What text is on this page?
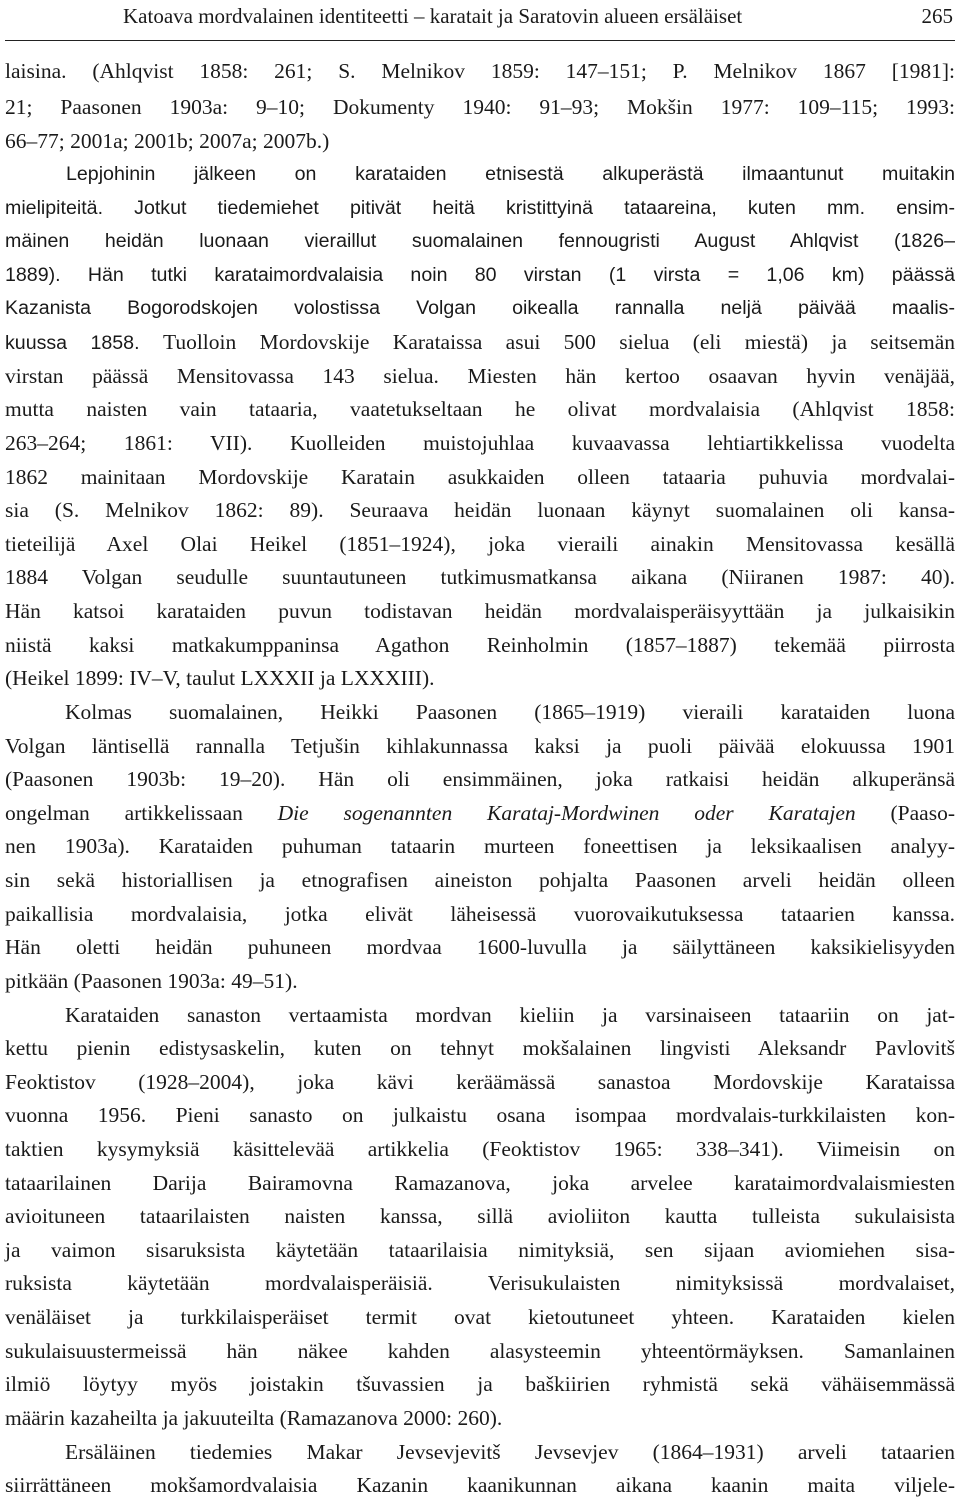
Katoava mordvalainen identiteetti – karatait ja Saratovin alueen ersäläiset	265
laisina. (Ahlqvist 1858: 261; S. Melnikov 1859: 147–151; P. Melnikov 1867 [1981]:
21; Paasonen 1903a: 9–10; Dokumenty 1940: 91–93; Mokšin 1977: 109–115; 1993:
66–77; 2001a; 2001b; 2007a; 2007b.)
Lepjohinin jälkeen on karataiden etnisestä alkuperästä ilmaantunut muitakin
mielipiteitä. Jotkut tiedemiehet pitivät heitä kristittyinä tataareina, kuten mm. ensim-
mäinen heidän luonaan vieraillut suomalainen fennougristi August Ahlqvist (1826–
1889). Hän tutki karataimordvalaisia noin 80 virstan (1 virsta = 1,06 km) päässä
Kazanista Bogorodskojen volostissa Volgan oikealla rannalla neljä päivää maalis-
kuussa 1858. Tuolloin Mordovskije Karataissa asui 500 sielua (eli miestä) ja seitsemän
virstan päässä Mensitovassa 143 sielua. Miesten hän kertoo osaavan hyvin venäjää,
mutta naisten vain tataaria, vaatetukseltaan he olivat mordvalaisia (Ahlqvist 1858:
263–264; 1861: VII). Kuolleiden muistojuhlaa kuvaavassa lehtiartikkelissa vuodelta
1862 mainitaan Mordovskije Karatain asukkaiden olleen tataaria puhuvia mordvalai-
sia (S. Melnikov 1862: 89). Seuraava heidän luonaan käynyt suomalainen oli kansa-
tieteilijä Axel Olai Heikel (1851–1924), joka vieraili ainakin Mensitovassa kesällä
1884 Volgan seudulle suuntautuneen tutkimusmatkansa aikana (Niiranen 1987: 40).
Hän katsoi karataiden puvun todistavan heidän mordvalaisperäisyyttään ja julkaisikin
niistä kaksi matkakumppaninsa Agathon Reinholmin (1857–1887) tekemää piirrosta
(Heikel 1899: IV–V, taulut LXXXII ja LXXXIII).
Kolmas suomalainen, Heikki Paasonen (1865–1919) vieraili karataiden luona
Volgan läntisellä rannalla Tetjušin kihlakunnassa kaksi ja puoli päivää elokuussa 1901
(Paasonen 1903b: 19–20). Hän oli ensimmäinen, joka ratkaisi heidän alkuperänsä
ongelman artikkelissaan Die sogenannten Karataj-Mordwinen oder Karatajen (Paaso-
nen 1903a). Karataiden puhuman tataarin murteen foneettisen ja leksikaalisen analyy-
sin sekä historiallisen ja etnografisen aineiston pohjalta Paasonen arveli heidän olleen
paikallisia mordvalaisia, jotka elivät läheisessä vuorovaikutuksessa tataarien kanssa.
Hän oletti heidän puhuneen mordvaa 1600-luvulla ja säilyttäneen kaksikielisyyden
pitkään (Paasonen 1903a: 49–51).
Karataiden sanaston vertaamista mordvan kieliin ja varsinaiseen tataariin on jat-
kettu pienin edistysaskelin, kuten on tehnyt mokšalainen lingvisti Aleksandr Pavlovitš
Feoktistov (1928–2004), joka kävi keräämässä sanastoa Mordovskije Karataissa
vuonna 1956. Pieni sanasto on julkaistu osana isompaa mordvalais-turkkilaisten kon-
taktien kysymyksiä käsittelevää artikkelia (Feoktistov 1965: 338–341). Viimeisin on
tataarilainen Darija Bairamovna Ramazanova, joka arvelee karataimordvalaismiesten
avioituneen tataarilaisten naisten kanssa, sillä avioliiton kautta tulleista sukulaisista
ja vaimon sisaruksista käytetään tataarilaisia nimityksiä, sen sijaan aviomiehen sisa-
ruksista käytetään mordvalaisperäisiä. Verisukulaisten nimityksissä mordvalaiset,
venäläiset ja turkkilaisperäiset termit ovat kietoutuneet yhteen. Karataiden kielen
sukulaisuustermeissä hän näkee kahden alasysteemin yhteentörmäyksen. Samanlainen
ilmiö löytyy myös joistakin tšuvassien ja baškiirien ryhmistä sekä vähäisemmässä
määrin kazaheilta ja jakuuteilta (Ramazanova 2000: 260).
Ersäläinen tiedemies Makar Jevsevjevitš Jevsevjev (1864–1931) arveli tataarien
siirrättäneen mokšamordvalaisia Kazanin kaanikunnan aikana kaanin maita viljele-
